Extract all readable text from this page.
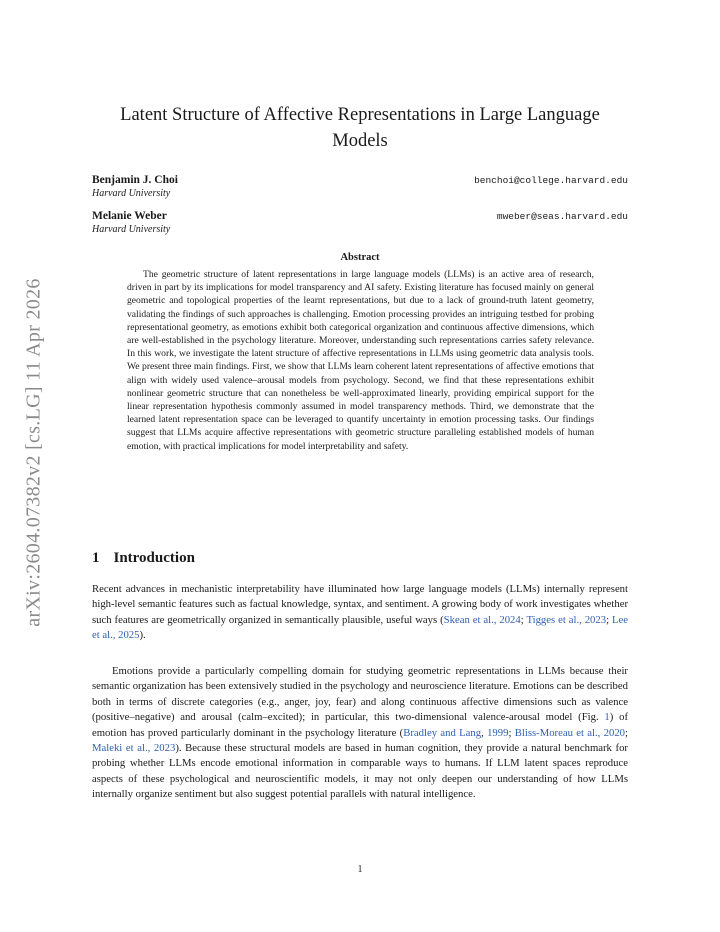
arXiv:2604.07382v2 [cs.LG] 11 Apr 2026
Latent Structure of Affective Representations in Large Language Models
Benjamin J. Choi	benchoi@college.harvard.edu
Harvard University
Melanie Weber	mweber@seas.harvard.edu
Harvard University
Abstract
The geometric structure of latent representations in large language models (LLMs) is an active area of research, driven in part by its implications for model transparency and AI safety. Existing literature has focused mainly on general geometric and topological properties of the learnt representations, but due to a lack of ground-truth latent geometry, validating the findings of such approaches is challenging. Emotion processing provides an intriguing testbed for probing representational geometry, as emotions exhibit both categorical organization and continuous affective dimensions, which are well-established in the psychology literature. Moreover, understanding such representations carries safety relevance. In this work, we investigate the latent structure of affective representations in LLMs using geometric data analysis tools. We present three main findings. First, we show that LLMs learn coherent latent representations of affective emotions that align with widely used valence–arousal models from psychology. Second, we find that these representations exhibit nonlinear geometric structure that can nonetheless be well-approximated linearly, providing empirical support for the linear representation hypothesis commonly assumed in model transparency methods. Third, we demonstrate that the learned latent representation space can be leveraged to quantify uncertainty in emotion processing tasks. Our findings suggest that LLMs acquire affective representations with geometric structure paralleling established models of human emotion, with practical implications for model interpretability and safety.
1 Introduction
Recent advances in mechanistic interpretability have illuminated how large language models (LLMs) internally represent high-level semantic features such as factual knowledge, syntax, and sentiment. A growing body of work investigates whether such features are geometrically organized in semantically plausible, useful ways (Skean et al., 2024; Tigges et al., 2023; Lee et al., 2025).
Emotions provide a particularly compelling domain for studying geometric representations in LLMs because their semantic organization has been extensively studied in the psychology and neuroscience literature. Emotions can be described both in terms of discrete categories (e.g., anger, joy, fear) and along continuous affective dimensions such as valence (positive–negative) and arousal (calm–excited); in particular, this two-dimensional valence-arousal model (Fig. 1) of emotion has proved particularly dominant in the psychology literature (Bradley and Lang, 1999; Bliss-Moreau et al., 2020; Maleki et al., 2023). Because these structural models are based in human cognition, they provide a natural benchmark for probing whether LLMs encode emotional information in comparable ways to humans. If LLM latent spaces reproduce aspects of these psychological and neuroscientific models, it may not only deepen our understanding of how LLMs internally organize sentiment but also suggest potential parallels with natural intelligence.
1
